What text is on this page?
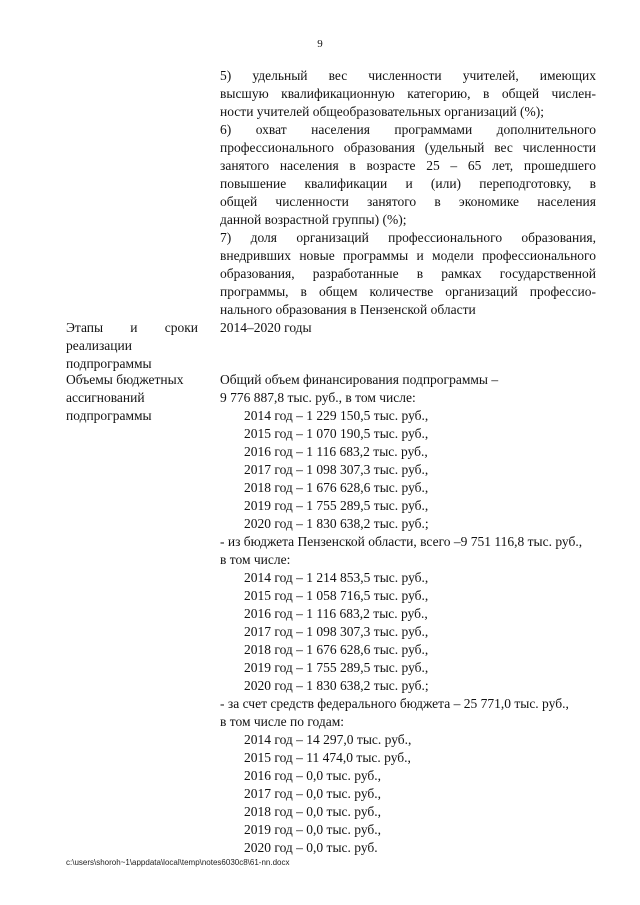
9
5) удельный вес численности учителей, имеющих
высшую квалификационную категорию, в общей числен-
ности учителей общеобразовательных организаций (%);
6) охват населения программами дополнительного
профессионального образования (удельный вес численности
занятого населения в возрасте 25 – 65 лет, прошедшего
повышение квалификации и (или) переподготовку, в
общей численности занятого в экономике населения
данной возрастной группы) (%);
7) доля организаций профессионального образования,
внедривших новые программы и модели профессионального
образования, разработанные в рамках государственной
программы, в общем количестве организаций профессио-
нального образования в Пензенской области
Этапы и сроки
реализации
подпрограммы
2014–2020 годы
Объемы бюджетных
ассигнований
подпрограммы
Общий объем финансирования подпрограммы –
9 776 887,8 тыс. руб., в том числе:
2014 год – 1 229 150,5 тыс. руб.,
2015 год – 1 070 190,5 тыс. руб.,
2016 год – 1 116 683,2 тыс. руб.,
2017 год – 1 098 307,3 тыс. руб.,
2018 год – 1 676 628,6 тыс. руб.,
2019 год – 1 755 289,5 тыс. руб.,
2020 год – 1 830 638,2 тыс. руб.;
- из бюджета Пензенской области, всего –9 751 116,8 тыс. руб.,
в том числе:
2014 год – 1 214 853,5 тыс. руб.,
2015 год – 1 058 716,5 тыс. руб.,
2016 год – 1 116 683,2 тыс. руб.,
2017 год – 1 098 307,3 тыс. руб.,
2018 год – 1 676 628,6 тыс. руб.,
2019 год – 1 755 289,5 тыс. руб.,
2020 год – 1 830 638,2 тыс. руб.;
- за счет средств федерального бюджета – 25 771,0 тыс. руб.,
в том числе по годам:
2014 год – 14 297,0 тыс. руб.,
2015 год – 11 474,0 тыс. руб.,
2016 год – 0,0 тыс. руб.,
2017 год – 0,0 тыс. руб.,
2018 год – 0,0 тыс. руб.,
2019 год – 0,0 тыс. руб.,
2020 год – 0,0 тыс. руб.
c:\users\shoroh~1\appdata\local\temp\notes6030c8\61-nn.docx
